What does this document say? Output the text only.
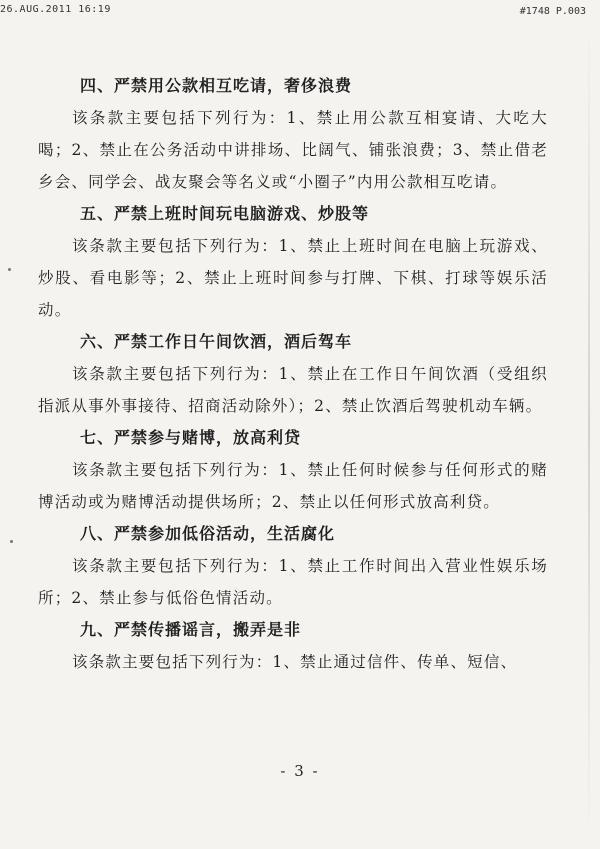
26.AUG.2011 16:19	#1748 P.003

四、严禁用公款相互吃请，奢侈浪费

该条款主要包括下列行为：1、禁止用公款互相宴请、大吃大喝；2、禁止在公务活动中讲排场、比阔气、铺张浪费；3、禁止借老乡会、同学会、战友聚会等名义或“小圈子”内用公款相互吃请。

五、严禁上班时间玩电脑游戏、炒股等

该条款主要包括下列行为：1、禁止上班时间在电脑上玩游戏、炒股、看电影等；2、禁止上班时间参与打牌、下棋、打球等娱乐活动。

六、严禁工作日午间饮酒，酒后驾车

该条款主要包括下列行为：1、禁止在工作日午间饮酒（受组织指派从事外事接待、招商活动除外）；2、禁止饮酒后驾驶机动车辆。

七、严禁参与赌博，放高利贷

该条款主要包括下列行为：1、禁止任何时候参与任何形式的赌博活动或为赌博活动提供场所；2、禁止以任何形式放高利贷。

八、严禁参加低俗活动，生活腐化

该条款主要包括下列行为：1、禁止工作时间出入营业性娱乐场所；2、禁止参与低俗色情活动。

九、严禁传播谣言，搬弄是非

该条款主要包括下列行为：1、禁止通过信件、传单、短信、

- 3 -
